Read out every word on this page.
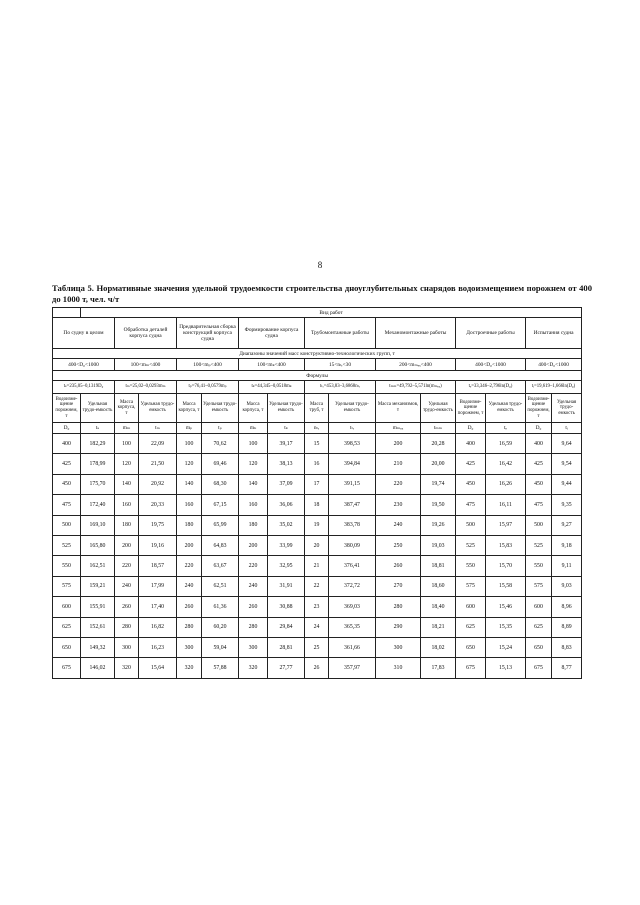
8
Таблица 5. Нормативные значения удельной трудоемкости строительства дноуглубительных снарядов водоизмещением порожнем от 400 до 1000 т, чел. ч/т
	Вид работ														
По судну в целом		Обработка деталей корпуса судна		Предварительная сборка конструкций корпуса судна		Формирование корпуса судна		Трубомонтажные работы		Механомонтажные работы		Достроечные работы		Испытания судна	
Диапазоны значений масс конструктивно-технологических групп, т															
400<D₀<1000		100<mₘ<400		100<mₚ<400		100<mₖ<400		15<nₜᵣ<30		200<mₘₑₓ<400		400<D₀<1000		400<D₀<1000	
Формулы															
tₛ=235,05–0,1319D₀		tₘ=25,02–0,0293mₘ		tₚ=76,41–0,0579mₚ		tₖ=44,345–0,0518mₖ		tₜᵣ=453,83–3,6868nₜᵣ		tₘₘ=49,792–5,571ln(mₘₑₓ)		tₑ=33,346–2,796ln(D₀)		tᵢ=19,619–1,666ln(D₀)	
Водоизме-щение порожнем, т	Удельная трудо-емкость	Масса корпуса, т	Удельная трудо-емкость	Масса корпуса, т	Удельная трудо-емкость	Масса корпуса, т	Удельная трудо-емкость	Масса труб, т	Удельная трудо-емкость	Масса механизмов, т	Удельная трудо-емкость	Водоизме-щение порожнем, т	Удельная трудо-емкость	Водоизме-щение порожнем, т	Удельная трудо-емкость
D₀	tₛ	mₘ	tₘ	mₚ	tₚ	mₖ	tₖ	nₜᵣ	tₜᵣ	mₘₑₓ	tₘₘ	D₀	tₑ	D₀	tᵢ
400	182,29	100	22,09	100	70,62	100	39,17	15	398,53	200	20,28	400	16,59	400	9,64
425	178,99	120	21,50	120	69,46	120	38,13	16	394,84	210	20,00	425	16,42	425	9,54
450	175,70	140	20,92	140	68,30	140	37,09	17	391,15	220	19,74	450	16,26	450	9,44
475	172,40	160	20,33	160	67,15	160	36,06	18	387,47	230	19,50	475	16,11	475	9,35
500	169,10	180	19,75	180	65,99	180	35,02	19	383,78	240	19,26	500	15,97	500	9,27
525	165,80	200	19,16	200	64,83	200	33,99	20	380,09	250	19,03	525	15,83	525	9,18
550	162,51	220	18,57	220	63,67	220	32,95	21	376,41	260	18,81	550	15,70	550	9,11
575	159,21	240	17,99	240	62,51	240	31,91	22	372,72	270	18,60	575	15,58	575	9,03
600	155,91	260	17,40	260	61,36	260	30,88	23	369,03	280	18,40	600	15,46	600	8,96
625	152,61	280	16,82	280	60,20	280	29,84	24	365,35	290	18,21	625	15,35	625	8,89
650	149,32	300	16,23	300	59,04	300	28,81	25	361,66	300	18,02	650	15,24	650	8,83
675	146,02	320	15,64	320	57,88	320	27,77	26	357,97	310	17,83	675	15,13	675	8,77
